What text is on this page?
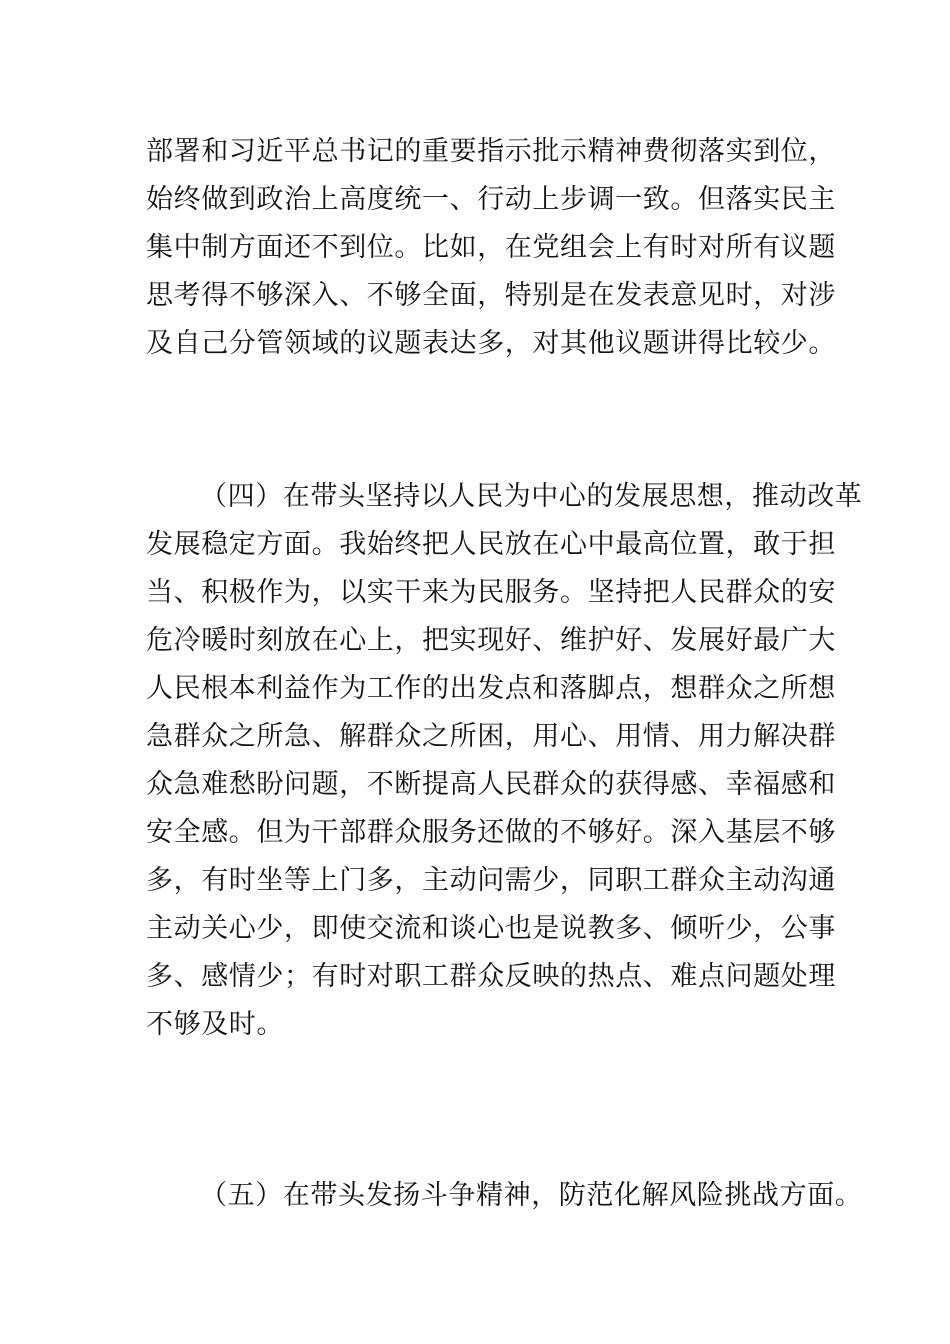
部署和习近平总书记的重要指示批示精神费彻落实到位，
始终做到政治上高度统一、行动上步调一致。但落实民主
集中制方面还不到位。比如，在党组会上有时对所有议题
思考得不够深入、不够全面，特别是在发表意见时，对涉
及自己分管领域的议题表达多，对其他议题讲得比较少。
（四）在带头坚持以人民为中心的发展思想，推动改革
发展稳定方面。我始终把人民放在心中最高位置，敢于担
当、积极作为，以实干来为民服务。坚持把人民群众的安
危冷暖时刻放在心上，把实现好、维护好、发展好最广大
人民根本利益作为工作的出发点和落脚点，想群众之所想
急群众之所急、解群众之所困，用心、用情、用力解决群
众急难愁盼问题，不断提高人民群众的获得感、幸福感和
安全感。但为干部群众服务还做的不够好。深入基层不够
多，有时坐等上门多，主动问需少，同职工群众主动沟通
主动关心少，即使交流和谈心也是说教多、倾听少，公事
多、感情少；有时对职工群众反映的热点、难点问题处理
不够及时。
（五）在带头发扬斗争精神，防范化解风险挑战方面。
